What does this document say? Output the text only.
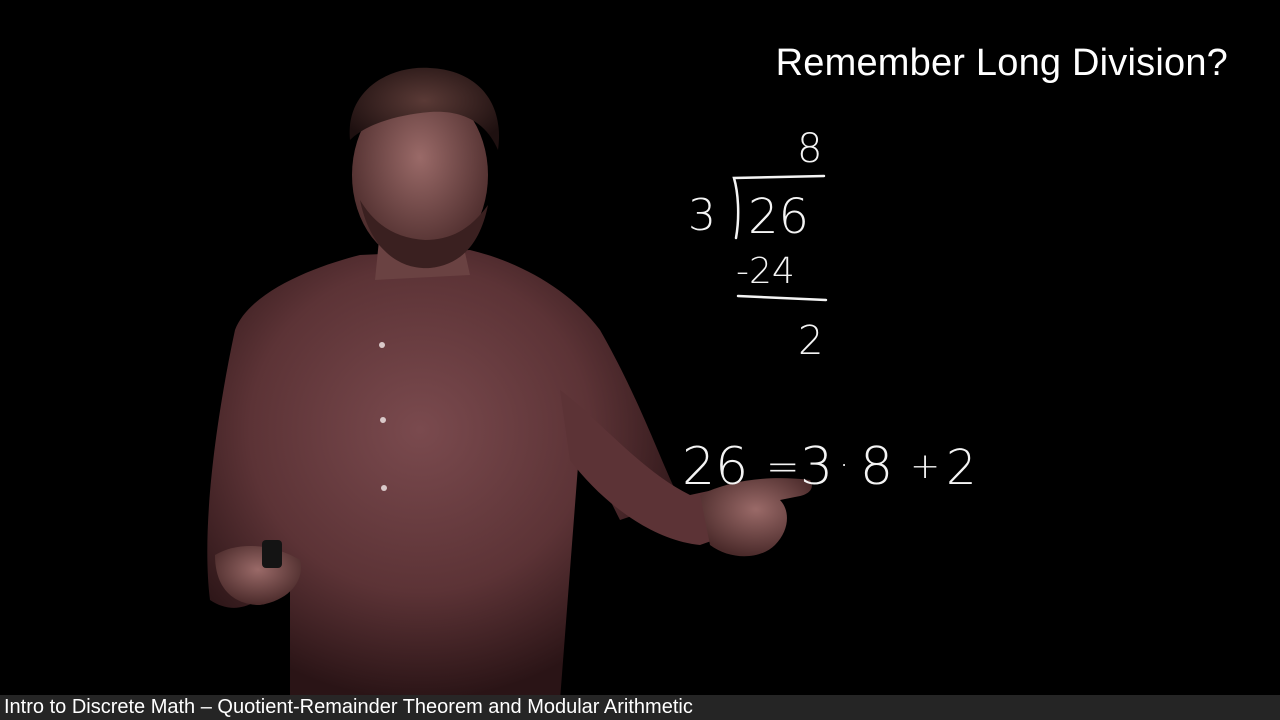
Remember Long Division?
8
3 26
-24
2
26 = 3 · 8 + 2
Intro to Discrete Math – Quotient-Remainder Theorem and Modular Arithmetic
